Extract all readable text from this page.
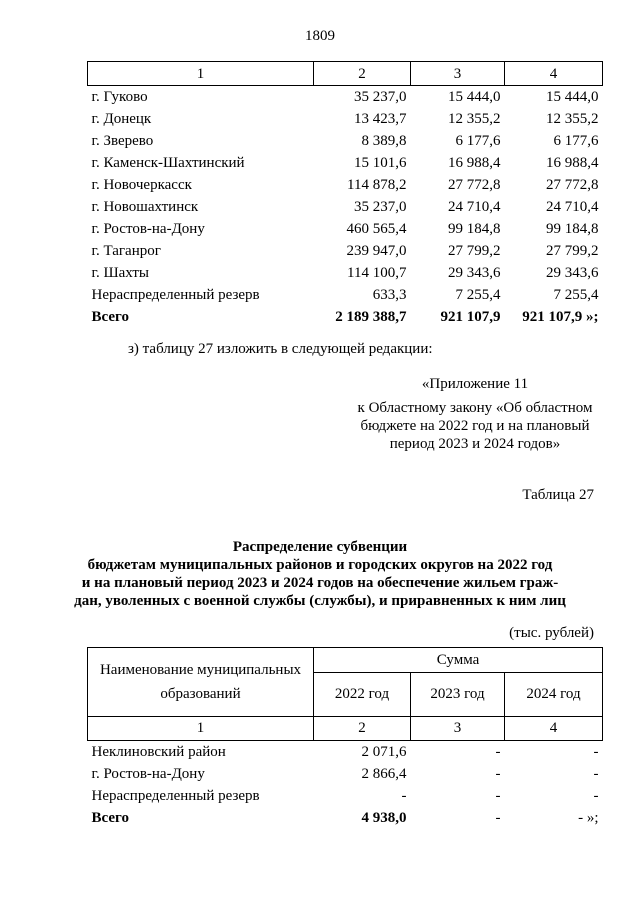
1809
1	2	3	4
г. Гуково	35 237,0	15 444,0	15 444,0
г. Донецк	13 423,7	12 355,2	12 355,2
г. Зверево	8 389,8	6 177,6	6 177,6
г. Каменск-Шахтинский	15 101,6	16 988,4	16 988,4
г. Новочеркасск	114 878,2	27 772,8	27 772,8
г. Новошахтинск	35 237,0	24 710,4	24 710,4
г. Ростов-на-Дону	460 565,4	99 184,8	99 184,8
г. Таганрог	239 947,0	27 799,2	27 799,2
г. Шахты	114 100,7	29 343,6	29 343,6
Нераспределенный резерв	633,3	7 255,4	7 255,4
Всего	2 189 388,7	921 107,9	921 107,9 »;
з) таблицу 27 изложить в следующей редакции:
«Приложение 11
к Областному закону «Об областном
бюджете на 2022 год и на плановый
период 2023 и 2024 годов»
Таблица 27
Распределение субвенции
бюджетам муниципальных районов и городских округов на 2022 год
и на плановый период 2023 и 2024 годов на обеспечение жильем граж-
дан, уволенных с военной службы (службы), и приравненных к ним лиц
(тыс. рублей)
Наименование муниципальных образований	Сумма		
	2022 год	2023 год	2024 год
1	2	3	4
Неклиновский район	2 071,6	-	-
г. Ростов-на-Дону	2 866,4	-	-
Нераспределенный резерв	-	-	-
Всего	4 938,0	-	- »;
